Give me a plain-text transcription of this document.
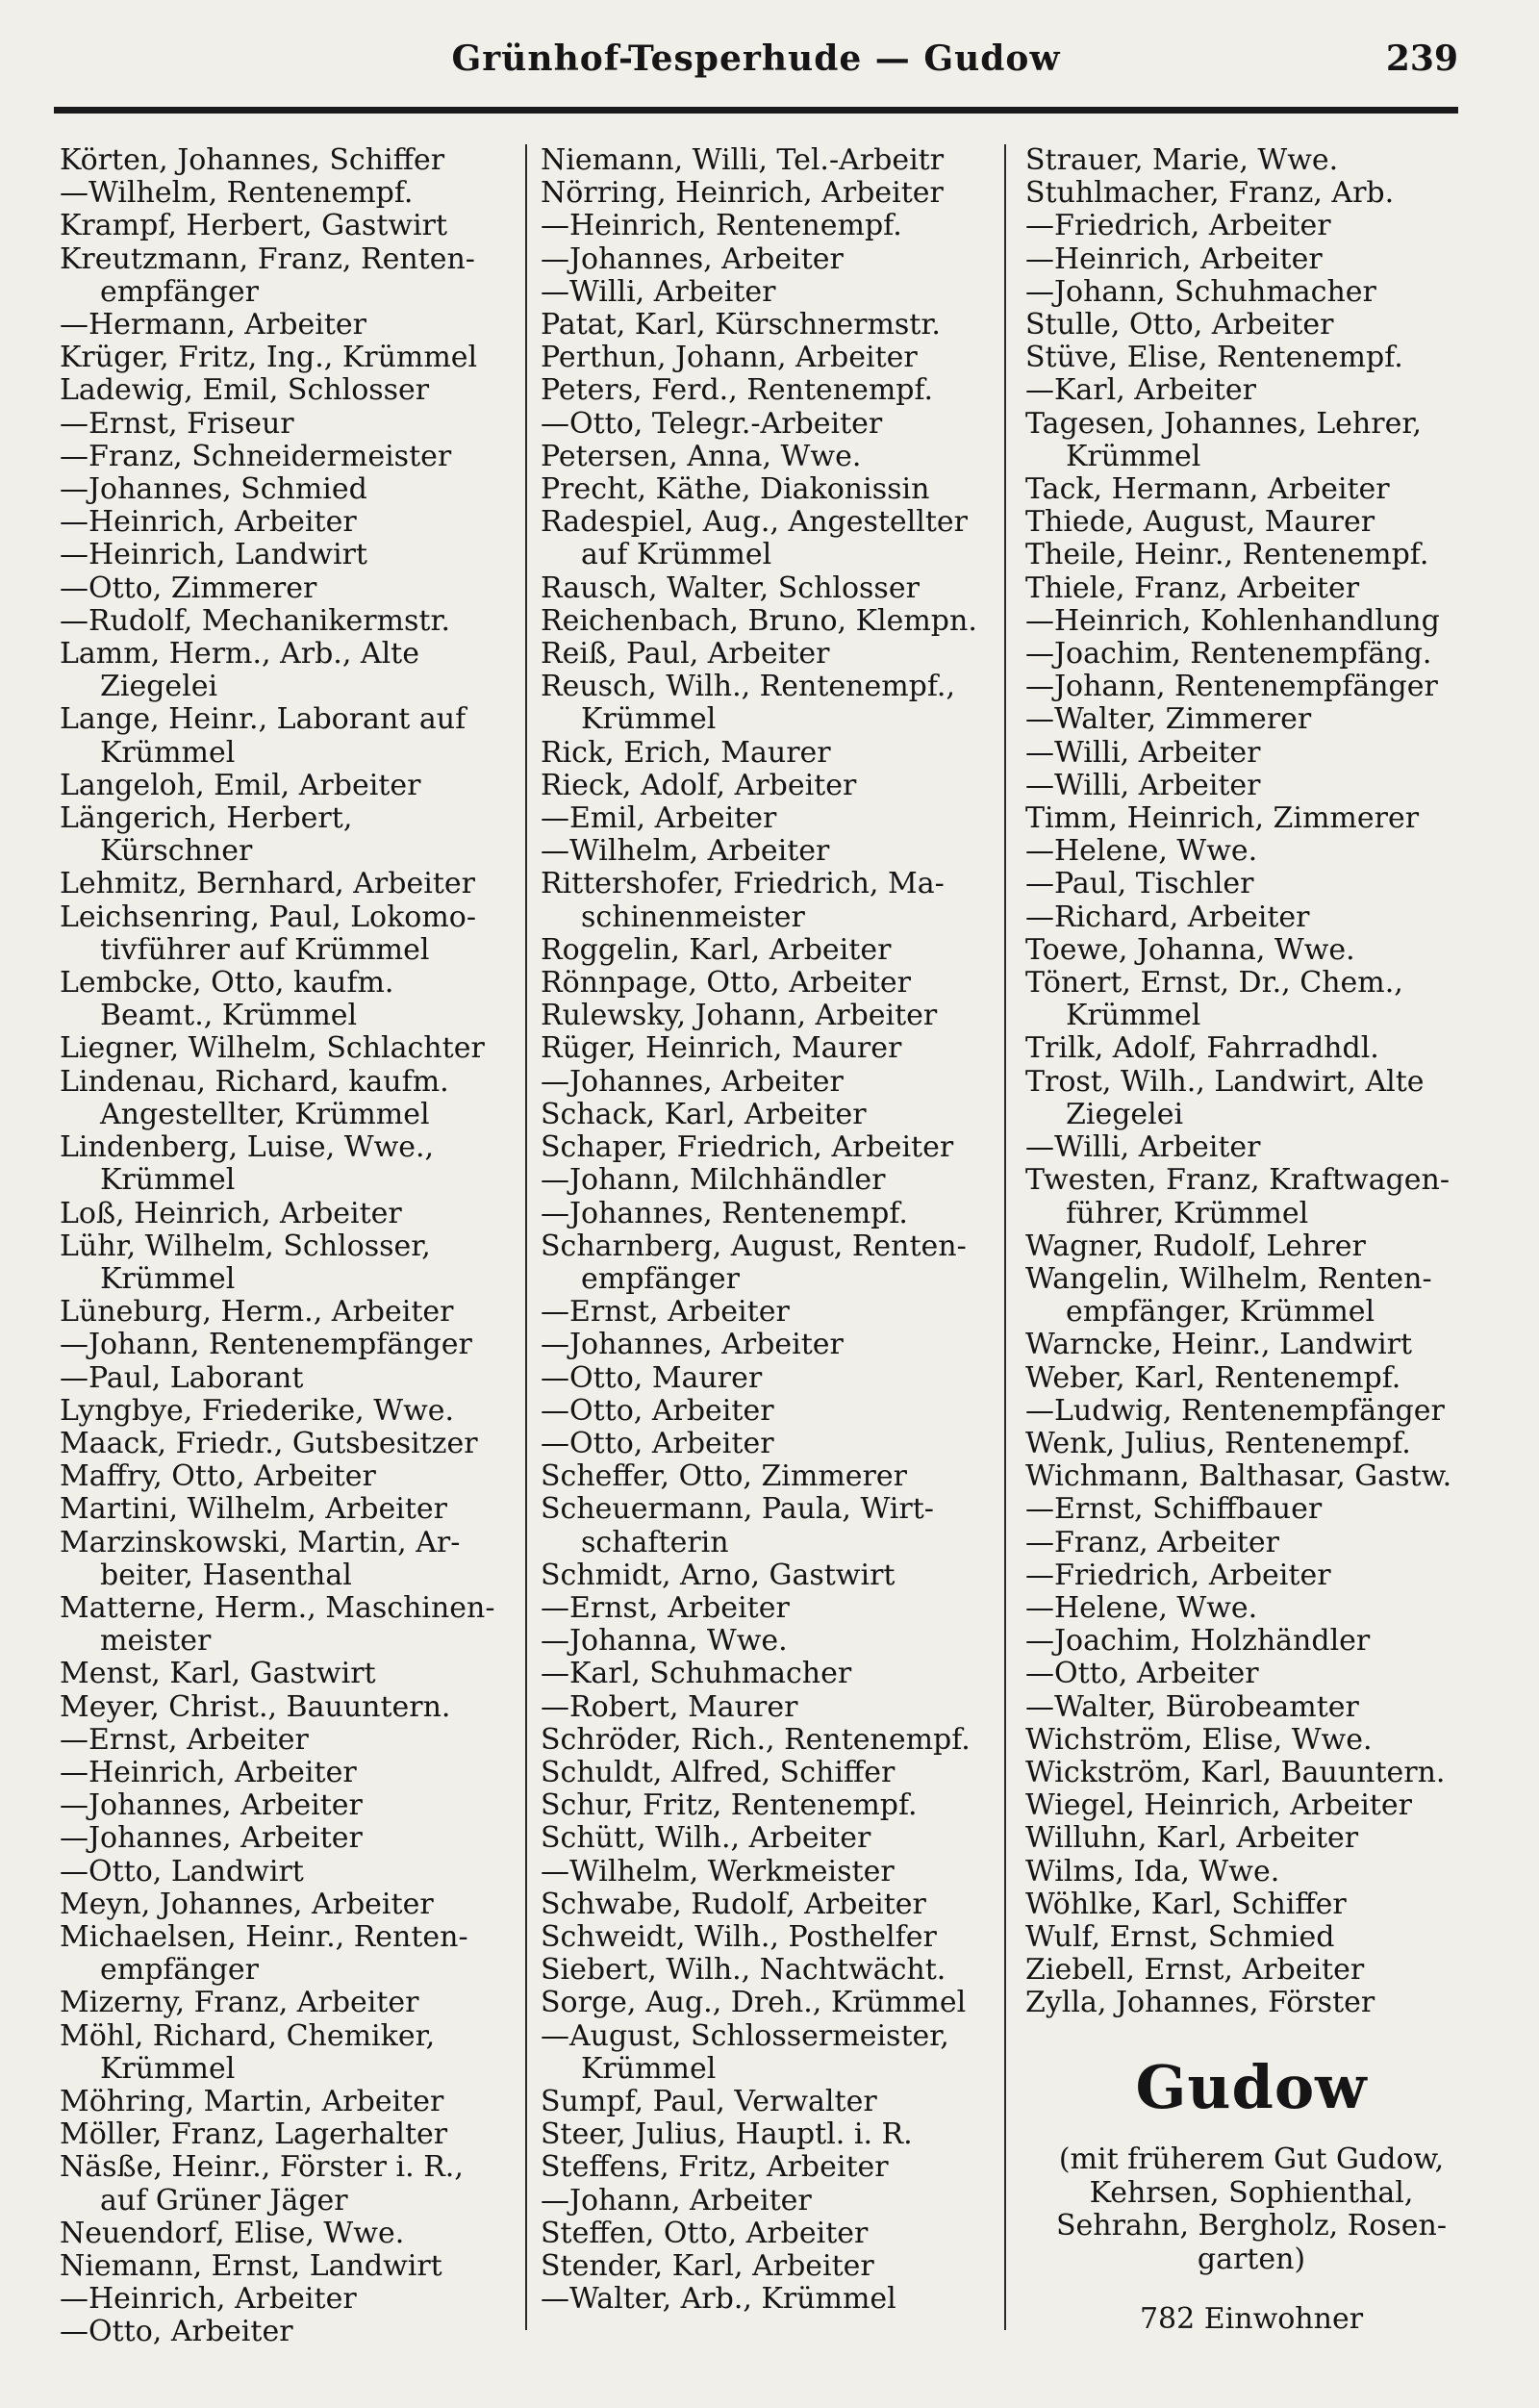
Grünhof-Tesperhude — Gudow	239
Körten, Johannes, Schiffer
—Wilhelm, Rentenempf.
Krampf, Herbert, Gastwirt
Kreutzmann, Franz, Renten-empfänger
—Hermann, Arbeiter
Krüger, Fritz, Ing., Krümmel
Ladewig, Emil, Schlosser
—Ernst, Friseur
—Franz, Schneidermeister
—Johannes, Schmied
—Heinrich, Arbeiter
—Heinrich, Landwirt
—Otto, Zimmerer
—Rudolf, Mechanikermstr.
Lamm, Herm., Arb., Alte Ziegelei
Lange, Heinr., Laborant auf Krümmel
Langeloh, Emil, Arbeiter
Längerich, Herbert, Kürschner
Lehmitz, Bernhard, Arbeiter
Leichsenring, Paul, Lokomo-tivführer auf Krümmel
Lembcke, Otto, kaufm. Beamt., Krümmel
Liegner, Wilhelm, Schlachter
Lindenau, Richard, kaufm. Angestellter, Krümmel
Lindenberg, Luise, Wwe., Krümmel
Loß, Heinrich, Arbeiter
Lühr, Wilhelm, Schlosser, Krümmel
Lüneburg, Herm., Arbeiter
—Johann, Rentenempfänger
—Paul, Laborant
Lyngbye, Friederike, Wwe.
Maack, Friedr., Gutsbesitzer
Maffry, Otto, Arbeiter
Martini, Wilhelm, Arbeiter
Marzinskowski, Martin, Ar-beiter, Hasenthal
Matterne, Herm., Maschinen-meister
Menst, Karl, Gastwirt
Meyer, Christ., Bauuntern.
—Ernst, Arbeiter
—Heinrich, Arbeiter
—Johannes, Arbeiter
—Johannes, Arbeiter
—Otto, Landwirt
Meyn, Johannes, Arbeiter
Michaelsen, Heinr., Renten-empfänger
Mizerny, Franz, Arbeiter
Möhl, Richard, Chemiker, Krümmel
Möhring, Martin, Arbeiter
Möller, Franz, Lagerhalter
Näsße, Heinr., Förster i. R., auf Grüner Jäger
Neuendorf, Elise, Wwe.
Niemann, Ernst, Landwirt
—Heinrich, Arbeiter
—Otto, Arbeiter
Niemann, Willi, Tel.-Arbeitr
Nörring, Heinrich, Arbeiter
—Heinrich, Rentenempf.
—Johannes, Arbeiter
—Willi, Arbeiter
Patat, Karl, Kürschnermstr.
Perthun, Johann, Arbeiter
Peters, Ferd., Rentenempf.
—Otto, Telegr.-Arbeiter
Petersen, Anna, Wwe.
Precht, Käthe, Diakonissin
Radespiel, Aug., Angestellter auf Krümmel
Rausch, Walter, Schlosser
Reichenbach, Bruno, Klempn.
Reiß, Paul, Arbeiter
Reusch, Wilh., Rentenempf., Krümmel
Rick, Erich, Maurer
Rieck, Adolf, Arbeiter
—Emil, Arbeiter
—Wilhelm, Arbeiter
Rittershofer, Friedrich, Ma-schinenmeister
Roggelin, Karl, Arbeiter
Rönnpage, Otto, Arbeiter
Rulewsky, Johann, Arbeiter
Rüger, Heinrich, Maurer
—Johannes, Arbeiter
Schack, Karl, Arbeiter
Schaper, Friedrich, Arbeiter
—Johann, Milchhändler
—Johannes, Rentenempf.
Scharnberg, August, Renten-empfänger
—Ernst, Arbeiter
—Johannes, Arbeiter
—Otto, Maurer
—Otto, Arbeiter
—Otto, Arbeiter
Scheffer, Otto, Zimmerer
Scheuermann, Paula, Wirt-schafterin
Schmidt, Arno, Gastwirt
—Ernst, Arbeiter
—Johanna, Wwe.
—Karl, Schuhmacher
—Robert, Maurer
Schröder, Rich., Rentenempf.
Schuldt, Alfred, Schiffer
Schur, Fritz, Rentenempf.
Schütt, Wilh., Arbeiter
—Wilhelm, Werkmeister
Schwabe, Rudolf, Arbeiter
Schweidt, Wilh., Posthelfer
Siebert, Wilh., Nachtwächt.
Sorge, Aug., Dreh., Krümmel
—August, Schlossermeister, Krümmel
Sumpf, Paul, Verwalter
Steer, Julius, Hauptl. i. R.
Steffens, Fritz, Arbeiter
—Johann, Arbeiter
Steffen, Otto, Arbeiter
Stender, Karl, Arbeiter
—Walter, Arb., Krümmel
Strauer, Marie, Wwe.
Stuhlmacher, Franz, Arb.
—Friedrich, Arbeiter
—Heinrich, Arbeiter
—Johann, Schuhmacher
Stulle, Otto, Arbeiter
Stüve, Elise, Rentenempf.
—Karl, Arbeiter
Tagesen, Johannes, Lehrer, Krümmel
Tack, Hermann, Arbeiter
Thiede, August, Maurer
Theile, Heinr., Rentenempf.
Thiele, Franz, Arbeiter
—Heinrich, Kohlenhandlung
—Joachim, Rentenempfäng.
—Johann, Rentenempfänger
—Walter, Zimmerer
—Willi, Arbeiter
—Willi, Arbeiter
Timm, Heinrich, Zimmerer
—Helene, Wwe.
—Paul, Tischler
—Richard, Arbeiter
Toewe, Johanna, Wwe.
Tönert, Ernst, Dr., Chem., Krümmel
Trilk, Adolf, Fahrradhdl.
Trost, Wilh., Landwirt, Alte Ziegelei
—Willi, Arbeiter
Twesten, Franz, Kraftwagen-führer, Krümmel
Wagner, Rudolf, Lehrer
Wangelin, Wilhelm, Renten-empfänger, Krümmel
Warncke, Heinr., Landwirt
Weber, Karl, Rentenempf.
—Ludwig, Rentenempfänger
Wenk, Julius, Rentenempf.
Wichmann, Balthasar, Gastw.
—Ernst, Schiffbauer
—Franz, Arbeiter
—Friedrich, Arbeiter
—Helene, Wwe.
—Joachim, Holzhändler
—Otto, Arbeiter
—Walter, Bürobeamter
Wichström, Elise, Wwe.
Wickström, Karl, Bauuntern.
Wiegel, Heinrich, Arbeiter
Willuhn, Karl, Arbeiter
Wilms, Ida, Wwe.
Wöhlke, Karl, Schiffer
Wulf, Ernst, Schmied
Ziebell, Ernst, Arbeiter
Zylla, Johannes, Förster
Gudow
(mit früherem Gut Gudow, Kehrsen, Sophienthal, Sehrahn, Bergholz, Rosen-garten)
782 Einwohner
